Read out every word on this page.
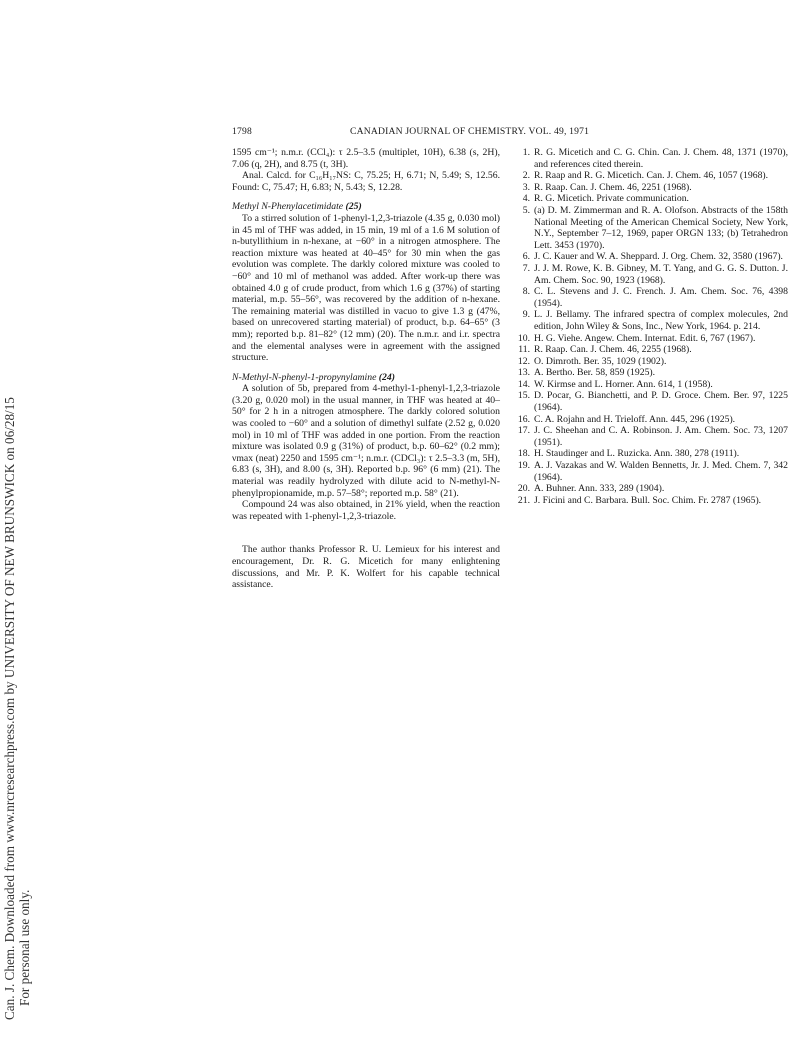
Can. J. Chem. Downloaded from www.nrcresearchpress.com by UNIVERSITY OF NEW BRUNSWICK on 06/28/15 For personal use only.
1798	CANADIAN JOURNAL OF CHEMISTRY. VOL. 49, 1971

1595 cm⁻¹; n.m.r. (CCl₄): τ 2.5–3.5 (multiplet, 10H), 6.38 (s, 2H), 7.06 (q, 2H), and 8.75 (t, 3H).

Anal. Calcd. for C₁₆H₁₇NS: C, 75.25; H, 6.71; N, 5.49; S, 12.56. Found: C, 75.47; H, 6.83; N, 5.43; S, 12.28.

Methyl N-Phenylacetimidate (25)

To a stirred solution of 1-phenyl-1,2,3-triazole (4.35 g, 0.030 mol) in 45 ml of THF was added, in 15 min, 19 ml of a 1.6 M solution of n-butyllithium in n-hexane, at −60° in a nitrogen atmosphere. The reaction mixture was heated at 40–45° for 30 min when the gas evolution was complete. The darkly colored mixture was cooled to −60° and 10 ml of methanol was added. After work-up there was obtained 4.0 g of crude product, from which 1.6 g (37%) of starting material, m.p. 55–56°, was recovered by the addition of n-hexane. The remaining material was distilled in vacuo to give 1.3 g (47%, based on unrecovered starting material) of product, b.p. 64–65° (3 mm); reported b.p. 81–82° (12 mm) (20). The n.m.r. and i.r. spectra and the elemental analyses were in agreement with the assigned structure.

N-Methyl-N-phenyl-1-propynylamine (24)

A solution of 5b, prepared from 4-methyl-1-phenyl-1,2,3-triazole (3.20 g, 0.020 mol) in the usual manner, in THF was heated at 40–50° for 2 h in a nitrogen atmosphere. The darkly colored solution was cooled to −60° and a solution of dimethyl sulfate (2.52 g, 0.020 mol) in 10 ml of THF was added in one portion. From the reaction mixture was isolated 0.9 g (31%) of product, b.p. 60–62° (0.2 mm); νmax (neat) 2250 and 1595 cm⁻¹; n.m.r. (CDCl₃): τ 2.5–3.3 (m, 5H), 6.83 (s, 3H), and 8.00 (s, 3H). Reported b.p. 96° (6 mm) (21). The material was readily hydrolyzed with dilute acid to N-methyl-N-phenylpropionamide, m.p. 57–58°; reported m.p. 58° (21).

Compound 24 was also obtained, in 21% yield, when the reaction was repeated with 1-phenyl-1,2,3-triazole.

The author thanks Professor R. U. Lemieux for his interest and encouragement, Dr. R. G. Micetich for many enlightening discussions, and Mr. P. K. Wolfert for his capable technical assistance.

1. R. G. Micetich and C. G. Chin. Can. J. Chem. 48, 1371 (1970), and references cited therein.
2. R. Raap and R. G. Micetich. Can. J. Chem. 46, 1057 (1968).
3. R. Raap. Can. J. Chem. 46, 2251 (1968).
4. R. G. Micetich. Private communication.
5. (a) D. M. Zimmerman and R. A. Olofson. Abstracts of the 158th National Meeting of the American Chemical Society, New York, N.Y., September 7–12, 1969, paper ORGN 133; (b) Tetrahedron Lett. 3453 (1970).
6. J. C. Kauer and W. A. Sheppard. J. Org. Chem. 32, 3580 (1967).
7. J. J. M. Rowe, K. B. Gibney, M. T. Yang, and G. G. S. Dutton. J. Am. Chem. Soc. 90, 1923 (1968).
8. C. L. Stevens and J. C. French. J. Am. Chem. Soc. 76, 4398 (1954).
9. L. J. Bellamy. The infrared spectra of complex molecules, 2nd edition, John Wiley & Sons, Inc., New York, 1964. p. 214.
10. H. G. Viehe. Angew. Chem. Internat. Edit. 6, 767 (1967).
11. R. Raap. Can. J. Chem. 46, 2255 (1968).
12. O. Dimroth. Ber. 35, 1029 (1902).
13. A. Bertho. Ber. 58, 859 (1925).
14. W. Kirmse and L. Horner. Ann. 614, 1 (1958).
15. D. Pocar, G. Bianchetti, and P. D. Groce. Chem. Ber. 97, 1225 (1964).
16. C. A. Rojahn and H. Trieloff. Ann. 445, 296 (1925).
17. J. C. Sheehan and C. A. Robinson. J. Am. Chem. Soc. 73, 1207 (1951).
18. H. Staudinger and L. Ruzicka. Ann. 380, 278 (1911).
19. A. J. Vazakas and W. Walden Bennetts, Jr. J. Med. Chem. 7, 342 (1964).
20. A. Buhner. Ann. 333, 289 (1904).
21. J. Ficini and C. Barbara. Bull. Soc. Chim. Fr. 2787 (1965).
